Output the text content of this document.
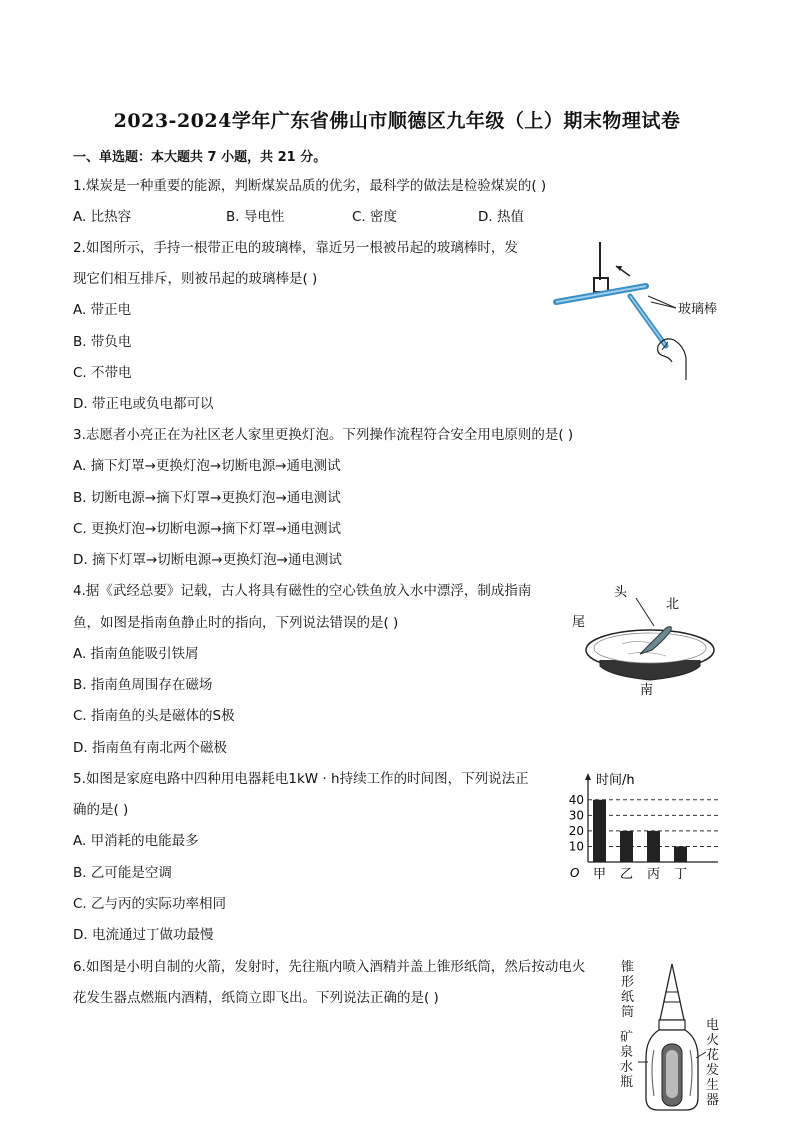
2023-2024学年广东省佛山市顺德区九年级（上）期末物理试卷
一、单选题：本大题共 7 小题，共 21 分。
1.煤炭是一种重要的能源，判断煤炭品质的优劣，最科学的做法是检验煤炭的( )
A. 比热容	B. 导电性	C. 密度	D. 热值
2.如图所示，手持一根带正电的玻璃棒，靠近另一根被吊起的玻璃棒时，发
现它们相互排斥，则被吊起的玻璃棒是( )
A. 带正电
B. 带负电
C. 不带电
D. 带正电或负电都可以
玻璃棒
3.志愿者小亮正在为社区老人家里更换灯泡。下列操作流程符合安全用电原则的是( )
A. 摘下灯罩→更换灯泡→切断电源→通电测试
B. 切断电源→摘下灯罩→更换灯泡→通电测试
C. 更换灯泡→切断电源→摘下灯罩→通电测试
D. 摘下灯罩→切断电源→更换灯泡→通电测试
4.据《武经总要》记载，古人将具有磁性的空心铁鱼放入水中漂浮，制成指南
鱼，如图是指南鱼静止时的指向，下列说法错误的是( )
A. 指南鱼能吸引铁屑
B. 指南鱼周围存在磁场
C. 指南鱼的头是磁体的S极
D. 指南鱼有南北两个磁极
头
北
尾
南
5.如图是家庭电路中四种用电器耗电1kW · h持续工作的时间图，下列说法正
确的是( )
A. 甲消耗的电能最多
B. 乙可能是空调
C. 乙与丙的实际功率相同
D. 电流通过丁做功最慢
10
20
30
40
时间/h
O 甲 乙 丙 丁
6.如图是小明自制的火箭，发射时，先往瓶内喷入酒精并盖上锥形纸筒，然后按动电火
花发生器点燃瓶内酒精，纸筒立即飞出。下列说法正确的是( )
锥形纸筒
矿泉水瓶
电火花发生器
